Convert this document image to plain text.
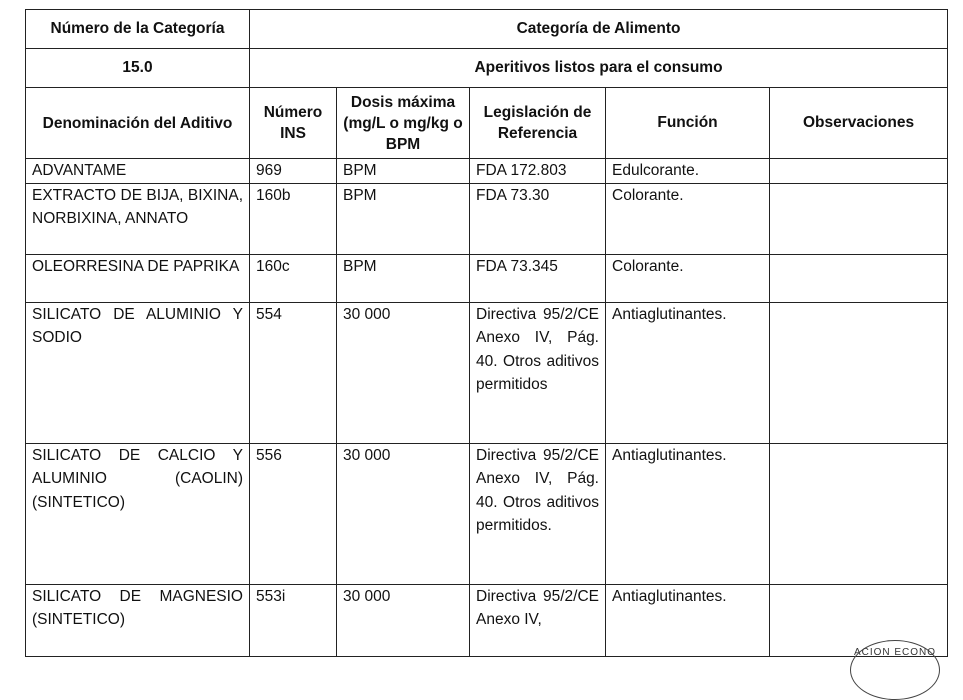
Número de la Categoría	Categoría de Alimento				
15.0	Aperitivos listos para el consumo				
Denominación del Aditivo	Número INS	Dosis máxima (mg/L o mg/kg o BPM	Legislación de Referencia	Función	Observaciones
ADVANTAME	969	BPM	FDA 172.803	Edulcorante.	
EXTRACTO DE BIJA, BIXINA, NORBIXINA, ANNATO	160b	BPM	FDA 73.30	Colorante.	
OLEORRESINA DE PAPRIKA	160c	BPM	FDA 73.345	Colorante.	
SILICATO DE ALUMINIO Y SODIO	554	30 000	Directiva 95/2/CE Anexo IV, Pág. 40. Otros aditivos permitidos	Antiaglutinantes.	
SILICATO DE CALCIO Y ALUMINIO (CAOLIN) (SINTETICO)	556	30 000	Directiva 95/2/CE Anexo IV, Pág. 40. Otros aditivos permitidos.	Antiaglutinantes.	
SILICATO DE MAGNESIO (SINTETICO)	553i	30 000	Directiva 95/2/CE Anexo IV,	Antiaglutinantes.	
ACION ECONO
